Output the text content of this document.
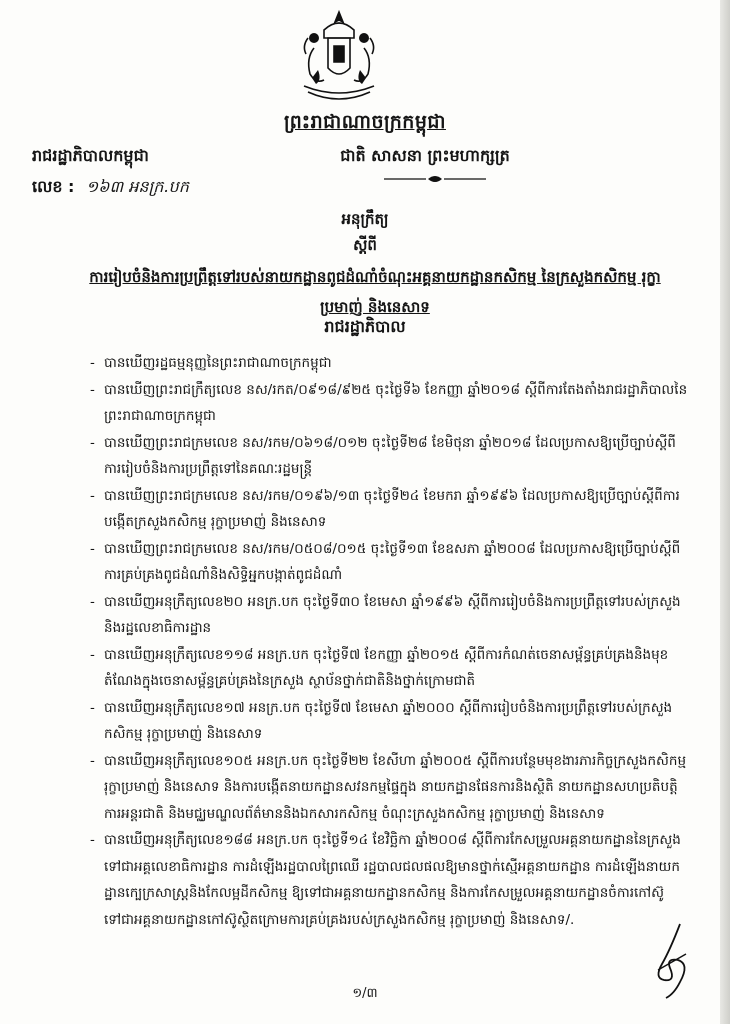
ព្រះរាជាណាចក្រកម្ពុជា
រាជរដ្ឋាភិបាលកម្ពុជា	ជាតិ សាសនា ព្រះមហាក្សត្រ
លេខ : ១៦៣ អនក្រ.បក
អនុក្រឹត្យ
ស្តីពី
ការរៀបចំនិងការប្រព្រឹត្តទៅរបស់នាយកដ្ឋានពូជដំណាំចំណុះអគ្គនាយកដ្ឋានកសិកម្ម នៃក្រសួងកសិកម្ម រុក្ខាប្រមាញ់ និងនេសាទ
រាជរដ្ឋាភិបាល
- បានឃើញរដ្ឋធម្មនុញ្ញនៃព្រះរាជាណាចក្រកម្ពុជា
- បានឃើញព្រះរាជក្រឹត្យលេខ នស/រកត/០៩១៨/៩២៥ ចុះថ្ងៃទី៦ ខែកញ្ញា ឆ្នាំ២០១៨ ស្តីពីការតែងតាំងរាជរដ្ឋាភិបាលនៃព្រះរាជាណាចក្រកម្ពុជា
- បានឃើញព្រះរាជក្រមលេខ នស/រកម/០៦១៨/០១២ ចុះថ្ងៃទី២៨ ខែមិថុនា ឆ្នាំ២០១៨ ដែលប្រកាសឱ្យប្រើច្បាប់ស្តីពីការរៀបចំនិងការប្រព្រឹត្តទៅនៃគណៈរដ្ឋមន្ត្រី
- បានឃើញព្រះរាជក្រមលេខ នស/រកម/០១៩៦/១៣ ចុះថ្ងៃទី២៤ ខែមករា ឆ្នាំ១៩៩៦ ដែលប្រកាសឱ្យប្រើច្បាប់ស្តីពីការបង្កើតក្រសួងកសិកម្ម រុក្ខាប្រមាញ់ និងនេសាទ
- បានឃើញព្រះរាជក្រមលេខ នស/រកម/០៥០៨/០១៥ ចុះថ្ងៃទី១៣ ខែឧសភា ឆ្នាំ២០០៨ ដែលប្រកាសឱ្យប្រើច្បាប់ស្តីពីការគ្រប់គ្រងពូជដំណាំនិងសិទ្ធិអ្នកបង្កាត់ពូជដំណាំ
- បានឃើញអនុក្រឹត្យលេខ២០ អនក្រ.បក ចុះថ្ងៃទី៣០ ខែមេសា ឆ្នាំ១៩៩៦ ស្តីពីការរៀបចំនិងការប្រព្រឹត្តទៅរបស់ក្រសួងនិងរដ្ឋលេខាធិការដ្ឋាន
- បានឃើញអនុក្រឹត្យលេខ១១៨ អនក្រ.បក ចុះថ្ងៃទី៧ ខែកញ្ញា ឆ្នាំ២០១៥ ស្តីពីការកំណត់ចេនាសម្ព័ន្ធគ្រប់គ្រងនិងមុខតំណែងក្នុងចេនាសម្ព័ន្ធគ្រប់គ្រងនៃក្រសួង ស្ថាប័នថ្នាក់ជាតិនិងថ្នាក់ក្រោមជាតិ
- បានឃើញអនុក្រឹត្យលេខ១៧ អនក្រ.បក ចុះថ្ងៃទី៧ ខែមេសា ឆ្នាំ២០០០ ស្តីពីការរៀបចំនិងការប្រព្រឹត្តទៅរបស់ក្រសួងកសិកម្ម រុក្ខាប្រមាញ់ និងនេសាទ
- បានឃើញអនុក្រឹត្យលេខ១០៥ អនក្រ.បក ចុះថ្ងៃទី២២ ខែសីហា ឆ្នាំ២០០៥ ស្តីពីការបន្ថែមមុខងារភារកិច្ចក្រសួងកសិកម្ម រុក្ខាប្រមាញ់ និងនេសាទ និងការបង្កើតនាយកដ្ឋានសវនកម្មផ្ទៃក្នុង នាយកដ្ឋានផែនការនិងស្ថិតិ នាយកដ្ឋានសហប្រតិបត្តិការអន្តរជាតិ និងមជ្ឈមណ្ឌលព័ត៌មាននិងឯកសារកសិកម្ម ចំណុះក្រសួងកសិកម្ម រុក្ខាប្រមាញ់ និងនេសាទ
- បានឃើញអនុក្រឹត្យលេខ១៨៨ អនក្រ.បក ចុះថ្ងៃទី១៤ ខែវិច្ឆិកា ឆ្នាំ២០០៨ ស្តីពីការកែសម្រួលអគ្គនាយកដ្ឋាននៃក្រសួងទៅជាអគ្គលេខាធិការដ្ឋាន ការដំឡើងរដ្ឋបាលព្រៃឈើ រដ្ឋបាលជលផលឱ្យមានថ្នាក់ស្មើអគ្គនាយកដ្ឋាន ការដំឡើងនាយកដ្ឋានក្បេក្រសាស្ត្រនិងកែលម្អដីកសិកម្ម ឱ្យទៅជាអគ្គនាយកដ្ឋានកសិកម្ម និងការកែសម្រួលអគ្គនាយកដ្ឋានចំការកៅស៊ូទៅជាអគ្គនាយកដ្ឋានកៅស៊ូស្ថិតក្រោមការគ្រប់គ្រងរបស់ក្រសួងកសិកម្ម រុក្ខាប្រមាញ់ និងនេសាទ/.
១/៣
